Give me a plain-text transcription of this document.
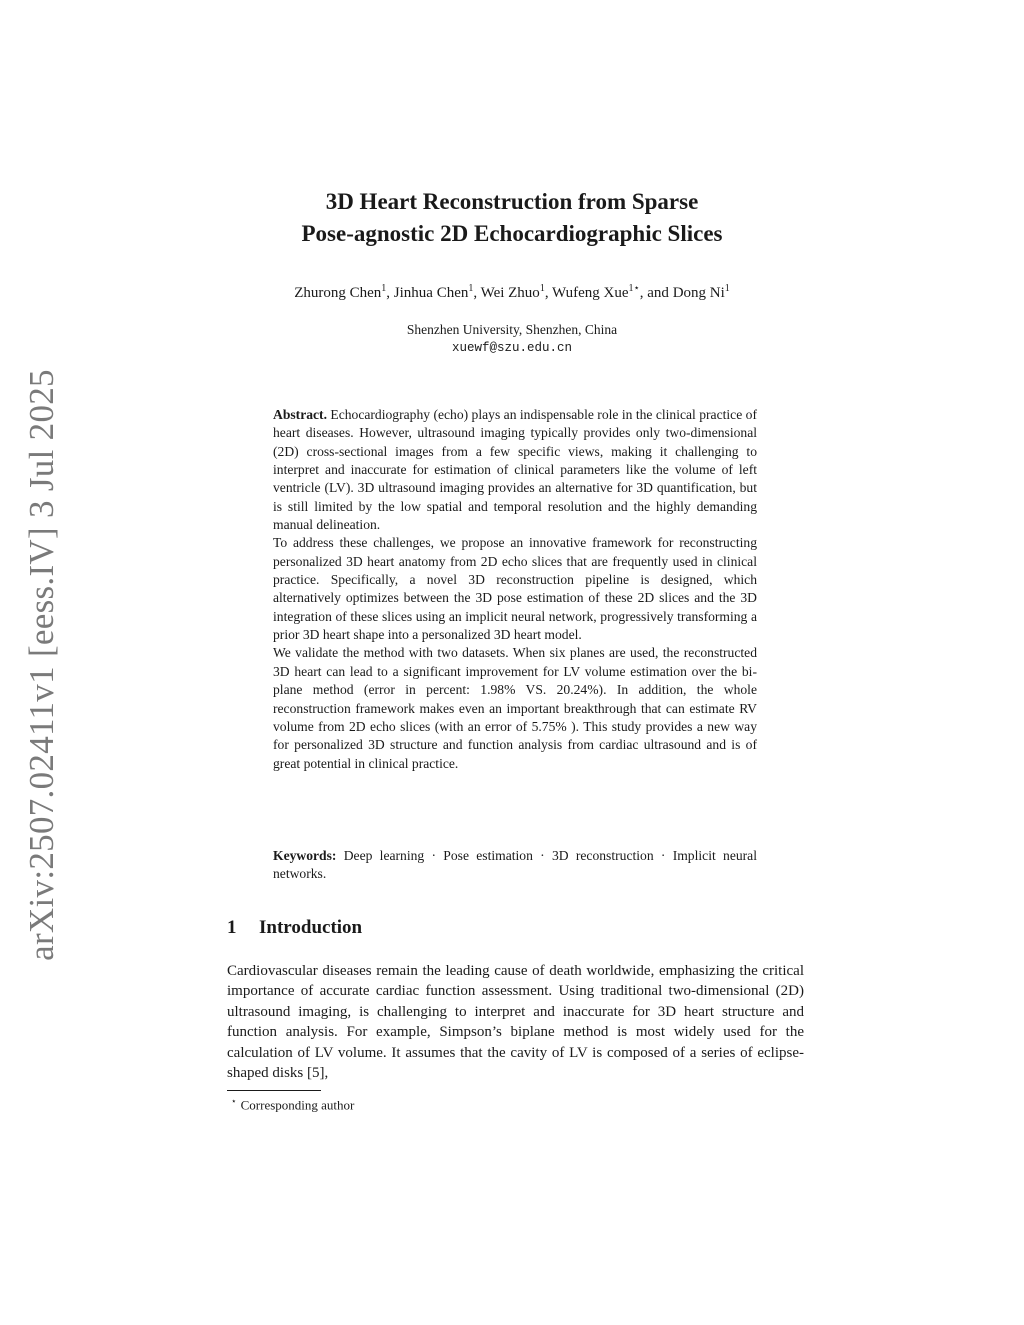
arXiv:2507.02411v1 [eess.IV] 3 Jul 2025
3D Heart Reconstruction from Sparse
Pose-agnostic 2D Echocardiographic Slices
Zhurong Chen$^1$, Jinhua Chen$^1$, Wei Zhuo$^1$, Wufeng Xue$^{1⋆}$, and Dong Ni$^1$
Shenzhen University, Shenzhen, China
xuewf@szu.edu.cn

Abstract. Echocardiography (echo) plays an indispensable role in the clinical practice of heart diseases. However, ultrasound imaging typically provides only two-dimensional (2D) cross-sectional images from a few specific views, making it challenging to interpret and inaccurate for estimation of clinical parameters like the volume of left ventricle (LV). 3D ultrasound imaging provides an alternative for 3D quantification, but is still limited by the low spatial and temporal resolution and the highly demanding manual delineation.

To address these challenges, we propose an innovative framework for reconstructing personalized 3D heart anatomy from 2D echo slices that are frequently used in clinical practice. Specifically, a novel 3D reconstruction pipeline is designed, which alternatively optimizes between the 3D pose estimation of these 2D slices and the 3D integration of these slices using an implicit neural network, progressively transforming a prior 3D heart shape into a personalized 3D heart model.

We validate the method with two datasets. When six planes are used, the reconstructed 3D heart can lead to a significant improvement for LV volume estimation over the bi-plane method (error in percent: 1.98% VS. 20.24%). In addition, the whole reconstruction framework makes even an important breakthrough that can estimate RV volume from 2D echo slices (with an error of 5.75% ). This study provides a new way for personalized 3D structure and function analysis from cardiac ultrasound and is of great potential in clinical practice.

Keywords: Deep learning · Pose estimation · 3D reconstruction · Implicit neural networks.
1 Introduction

Cardiovascular diseases remain the leading cause of death worldwide, emphasizing the critical importance of accurate cardiac function assessment. Using traditional two-dimensional (2D) ultrasound imaging, is challenging to interpret and inaccurate for 3D heart structure and function analysis. For example, Simpson’s biplane method is most widely used for the calculation of LV volume. It assumes that the cavity of LV is composed of a series of eclipse-shaped disks [5],

⋆ Corresponding author
